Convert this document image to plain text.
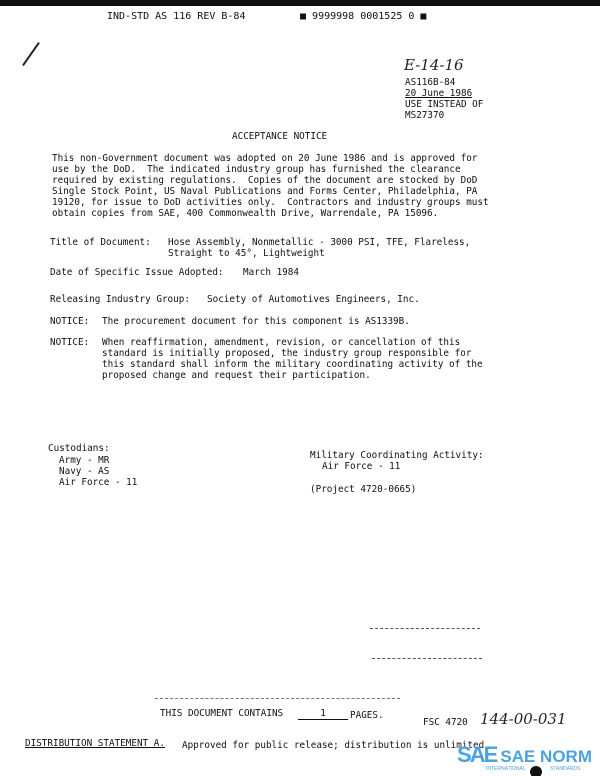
IND-STD AS 116 REV B-84	■ 9999998 0001525 0 ■
E-14-16
AS116B-84
20 June 1986
USE INSTEAD OF
MS27370
ACCEPTANCE NOTICE

This non-Government document was adopted on 20 June 1986 and is approved for

use by the DoD.  The indicated industry group has furnished the clearance

required by existing regulations.  Copies of the document are stocked by DoD

Single Stock Point, US Naval Publications and Forms Center, Philadelphia, PA

19120, for issue to DoD activities only.  Contractors and industry groups must

obtain copies from SAE, 400 Commonwealth Drive, Warrendale, PA 15096.

Title of Document: Hose Assembly, Nonmetallic - 3000 PSI, TFE, Flareless,
Straight to 45°, Lightweight
Date of Specific Issue Adopted: March 1984
Releasing Industry Group: Society of Automotives Engineers, Inc.
NOTICE: The procurement document for this component is AS1339B.
NOTICE:

When reaffirmation, amendment, revision, or cancellation of this

standard is initially proposed, the industry group responsible for

this standard shall inform the military coordinating activity of the

proposed change and request their participation.

Custodians:
Army - MR
Navy - AS
Air Force - 11
Military Coordinating Activity:
Air Force - 11
(Project 4720-0665)
THIS DOCUMENT CONTAINS	1	PAGES.
FSC 4720 144-00-031
DISTRIBUTION STATEMENT A. Approved for public release; distribution is unlimited.
SAE SAE NORM
INTERNATIONAL	STANDARDS
